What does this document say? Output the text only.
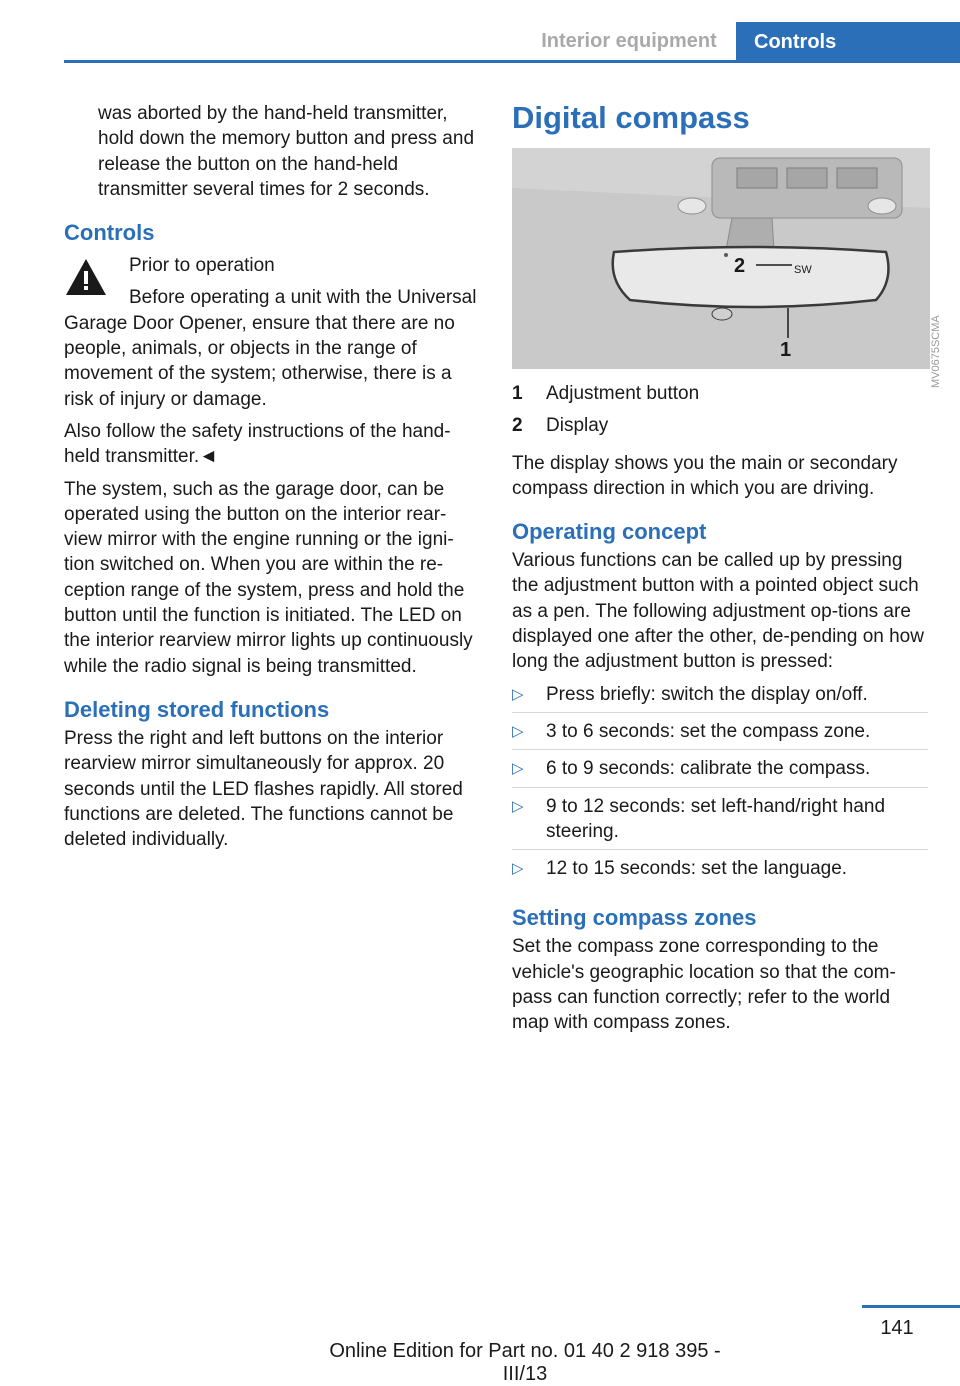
Interior equipment	Controls

was aborted by the hand-held transmitter, hold down the memory button and press and release the button on the hand-held transmitter several times for 2 seconds.

Controls

Prior to operation

Before operating a unit with the Universal Garage Door Opener, ensure that there are no people, animals, or objects in the range of movement of the system; otherwise, there is a risk of injury or damage.

Also follow the safety instructions of the hand-held transmitter.◄

The system, such as the garage door, can be operated using the button on the interior rear-view mirror with the engine running or the igni-tion switched on. When you are within the re-ception range of the system, press and hold the button until the function is initiated. The LED on the interior rearview mirror lights up continuously while the radio signal is being transmitted.

Deleting stored functions

Press the right and left buttons on the interior rearview mirror simultaneously for approx. 20 seconds until the LED flashes rapidly. All stored functions are deleted. The functions cannot be deleted individually.

Digital compass
2	SW
1
1	Adjustment button
2	Display

The display shows you the main or secondary compass direction in which you are driving.

Operating concept

Various functions can be called up by pressing the adjustment button with a pointed object such as a pen. The following adjustment op-tions are displayed one after the other, de-pending on how long the adjustment button is pressed:

▷ Press briefly: switch the display on/off.
▷ 3 to 6 seconds: set the compass zone.
▷ 6 to 9 seconds: calibrate the compass.
▷ 9 to 12 seconds: set left-hand/right hand steering.
▷ 12 to 15 seconds: set the language.
Setting compass zones

Set the compass zone corresponding to the vehicle's geographic location so that the com-pass can function correctly; refer to the world map with compass zones.

MV0675SCMA
141
Online Edition for Part no. 01 40 2 918 395 - III/13
